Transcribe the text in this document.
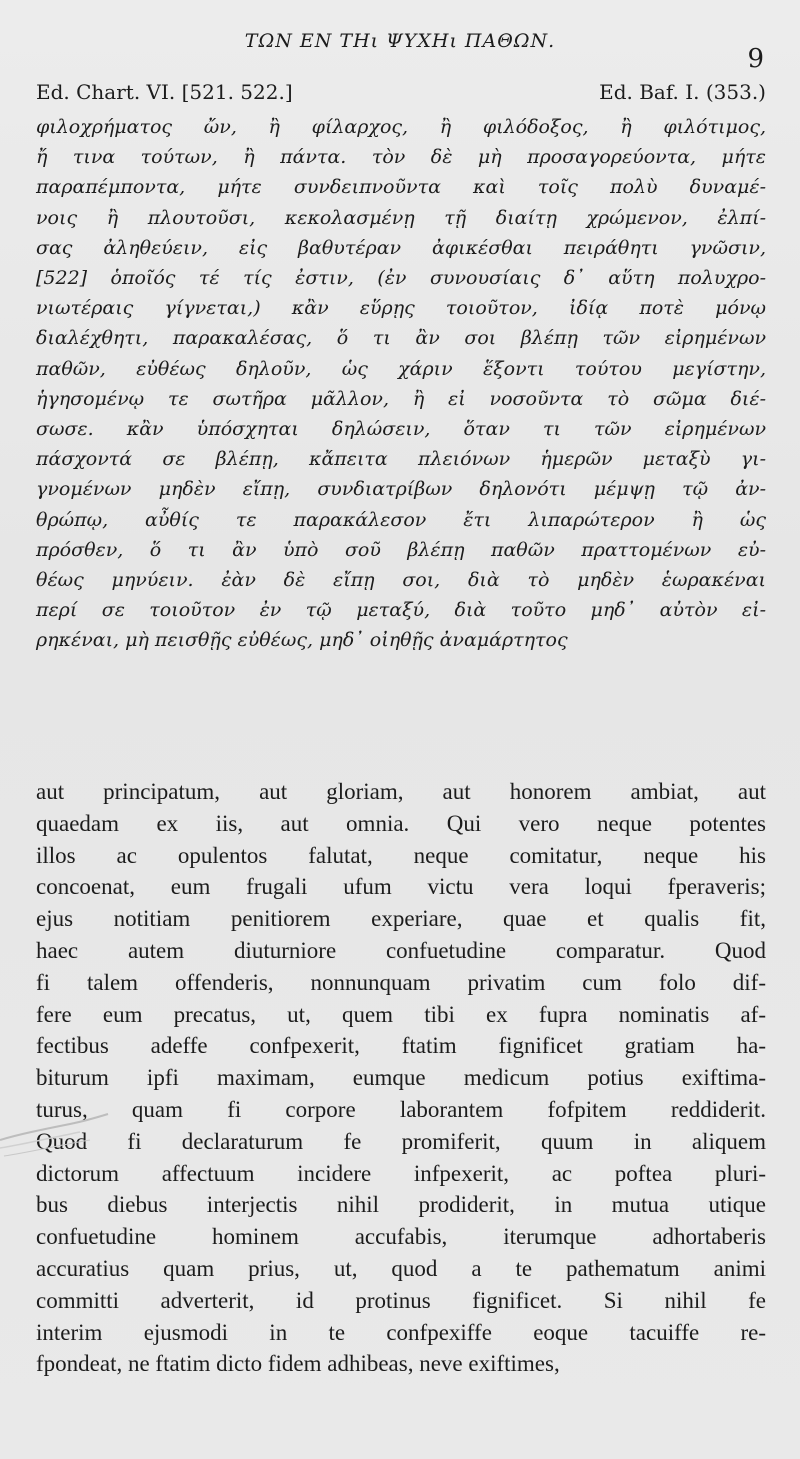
ΤΩΝ ΕΝ ΤΗι ΨΥΧΗι ΠΑΘΩΝ.
9
Ed. Chart. VI. [521. 522.]	Ed. Baf. I. (353.)
φιλοχρήματος ὤν, ἢ φίλαρχος, ἢ φιλόδοξος, ἢ φιλότιμος,
ἤ τινα τούτων, ἢ πάντα. τὸν δὲ μὴ προσαγορεύοντα, μήτε
παραπέμποντα, μήτε συνδειπνοῦντα καὶ τοῖς πολὺ δυναμέ-
νοις ἢ πλουτοῦσι, κεκολασμένῃ τῇ διαίτῃ χρώμενον, ἐλπί-
σας ἀληθεύειν, εἰς βαθυτέραν ἀφικέσθαι πειράθητι γνῶσιν,
[522] ὁποῖός τέ τίς ἐστιν, (ἐν συνουσίαις δ᾽ αὕτη πολυχρο-
νιωτέραις γίγνεται,) κἂν εὕρῃς τοιοῦτον, ἰδίᾳ ποτὲ μόνῳ
διαλέχθητι, παρακαλέσας, ὅ τι ἂν σοι βλέπῃ τῶν εἰρημένων
παθῶν, εὐθέως δηλοῦν, ὡς χάριν ἕξοντι τούτου μεγίστην,
ἡγησομένῳ τε σωτῆρα μᾶλλον, ἢ εἰ νοσοῦντα τὸ σῶμα διέ-
σωσε. κἂν ὑπόσχηται δηλώσειν, ὅταν τι τῶν εἰρημένων
πάσχοντά σε βλέπῃ, κἄπειτα πλειόνων ἡμερῶν μεταξὺ γι-
γνομένων μηδὲν εἴπῃ, συνδιατρίβων δηλονότι μέμψῃ τῷ ἀν-
θρώπῳ, αὖθίς τε παρακάλεσον ἔτι λιπαρώτερον ἢ ὡς
πρόσθεν, ὅ τι ἂν ὑπὸ σοῦ βλέπῃ παθῶν πραττομένων εὐ-
θέως μηνύειν. ἐὰν δὲ εἴπῃ σοι, διὰ τὸ μηδὲν ἑωρακέναι
περί σε τοιοῦτον ἐν τῷ μεταξύ, διὰ τοῦτο μηδ᾽ αὐτὸν εἰ-
ρηκέναι, μὴ πεισθῇς εὐθέως, μηδ᾽ οἰηθῇς ἀναμάρτητος
aut principatum, aut gloriam, aut honorem ambiat, aut
quaedam ex iis, aut omnia. Qui vero neque potentes
illos ac opulentos falutat, neque comitatur, neque his
concoenat, eum frugali ufum victu vera loqui fperaveris;
ejus notitiam penitiorem experiare, quae et qualis fit,
haec autem diuturniore confuetudine comparatur. Quod
fi talem offenderis, nonnunquam privatim cum folo dif-
fere eum precatus, ut, quem tibi ex fupra nominatis af-
fectibus adeffe confpexerit, ftatim fignificet gratiam ha-
biturum ipfi maximam, eumque medicum potius exiftima-
turus, quam fi corpore laborantem fofpitem reddiderit.
Quod fi declaraturum fe promiferit, quum in aliquem
dictorum affectuum incidere infpexerit, ac poftea pluri-
bus diebus interjectis nihil prodiderit, in mutua utique
confuetudine hominem accufabis, iterumque adhortaberis
accuratius quam prius, ut, quod a te pathematum animi
committi adverterit, id protinus fignificet. Si nihil fe
interim ejusmodi in te confpexiffe eoque tacuiffe re-
fpondeat, ne ftatim dicto fidem adhibeas, neve exiftimes,
